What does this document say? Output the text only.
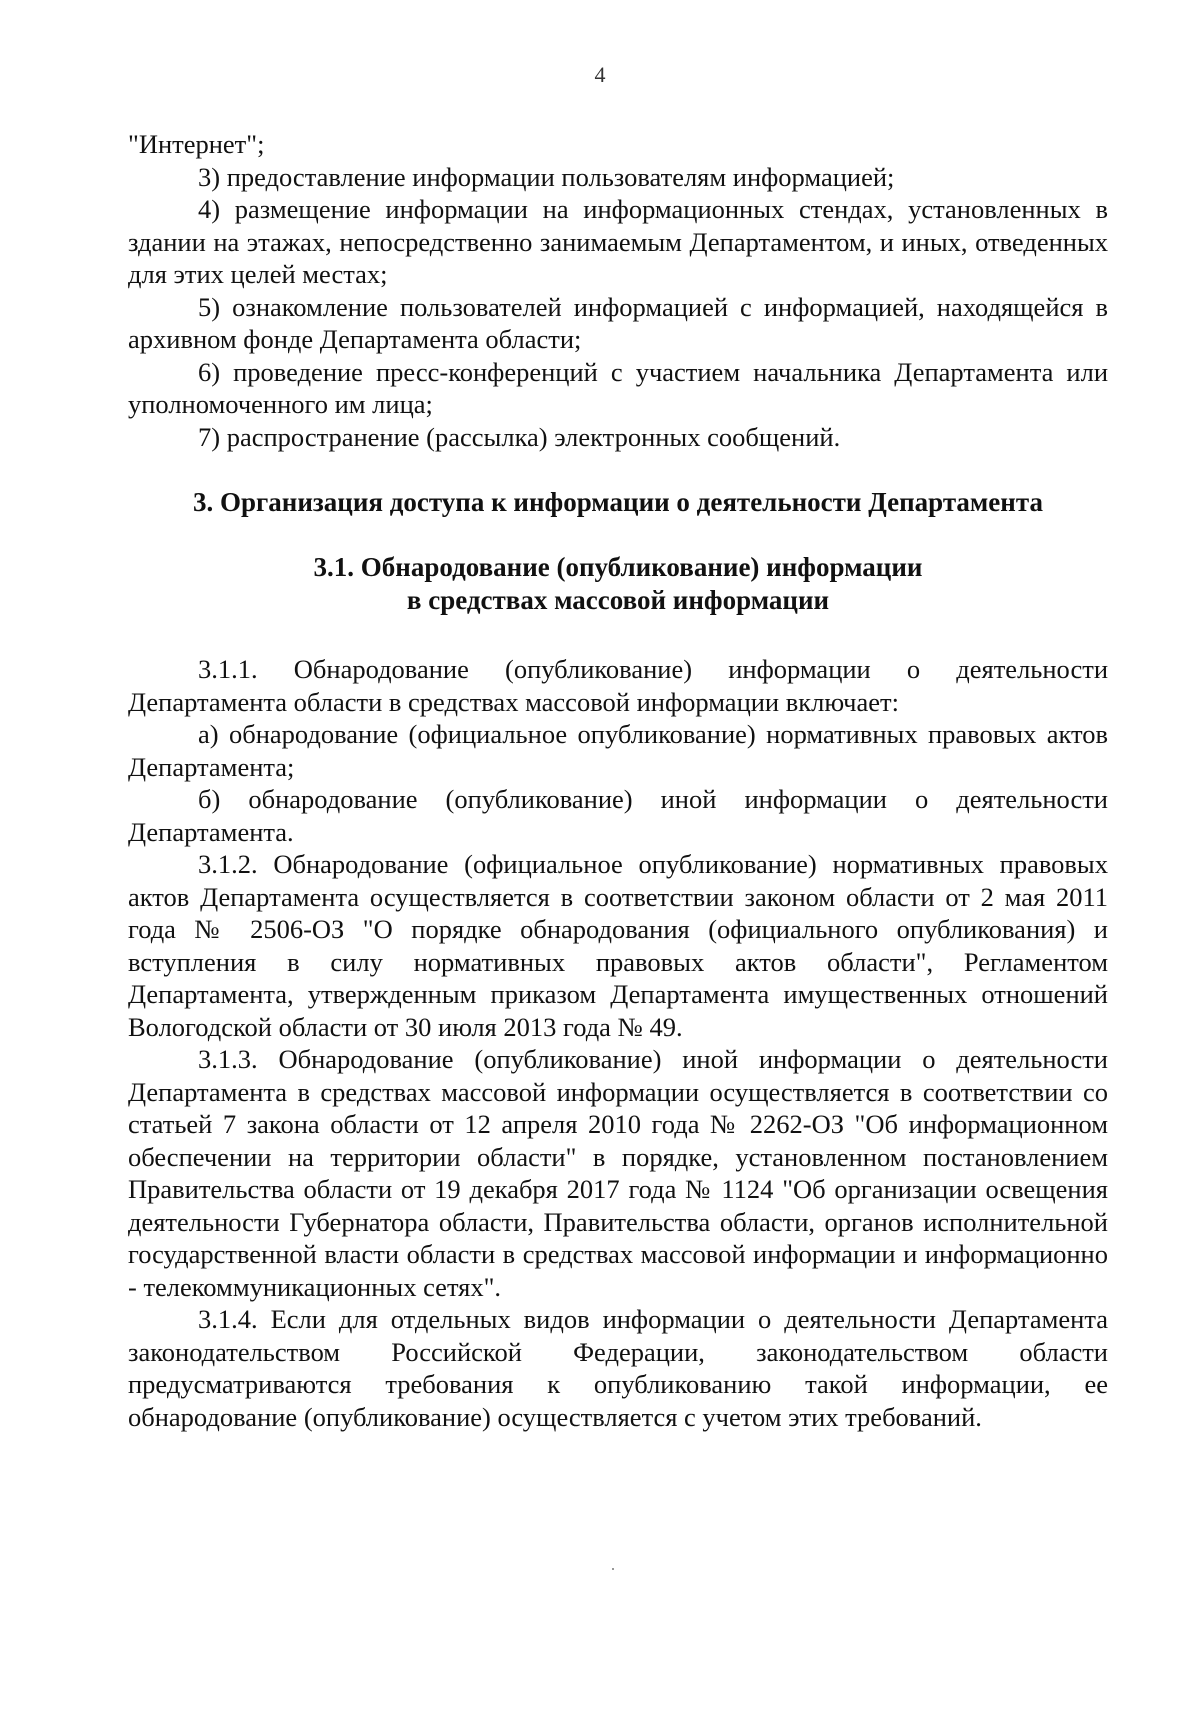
4

"Интернет";

3) предоставление информации пользователям информацией;

4) размещение информации на информационных стендах, установленных в здании на этажах, непосредственно занимаемым Департаментом, и иных, отведенных для этих целей местах;

5) ознакомление пользователей информацией с информацией, находящейся в архивном фонде Департамента области;

6) проведение пресс-конференций с участием начальника Департамента или уполномоченного им лица;

7) распространение (рассылка) электронных сообщений.

3. Организация доступа к информации о деятельности Департамента
3.1. Обнародование (опубликование) информации
в средствах массовой информации

3.1.1. Обнародование (опубликование) информации о деятельности Департамента области в средствах массовой информации включает:

а) обнародование (официальное опубликование) нормативных правовых актов Департамента;

б) обнародование (опубликование) иной информации о деятельности Департамента.

3.1.2. Обнародование (официальное опубликование) нормативных правовых актов Департамента осуществляется в соответствии законом области от 2 мая 2011 года № 2506-ОЗ "О порядке обнародования (официального опубликования) и вступления в силу нормативных правовых актов области", Регламентом Департамента, утвержденным приказом Департамента имущественных отношений Вологодской области от 30 июля 2013 года № 49.

3.1.3. Обнародование (опубликование) иной информации о деятельности Департамента в средствах массовой информации осуществляется в соответствии со статьей 7 закона области от 12 апреля 2010 года № 2262-ОЗ "Об информационном обеспечении на территории области" в порядке, установленном постановлением Правительства области от 19 декабря 2017 года № 1124 "Об организации освещения деятельности Губернатора области, Правительства области, органов исполнительной государственной власти области в средствах массовой информации и информационно - телекоммуникационных сетях".

3.1.4. Если для отдельных видов информации о деятельности Департамента законодательством Российской Федерации, законодательством области предусматриваются требования к опубликованию такой информации, ее обнародование (опубликование) осуществляется с учетом этих требований.
